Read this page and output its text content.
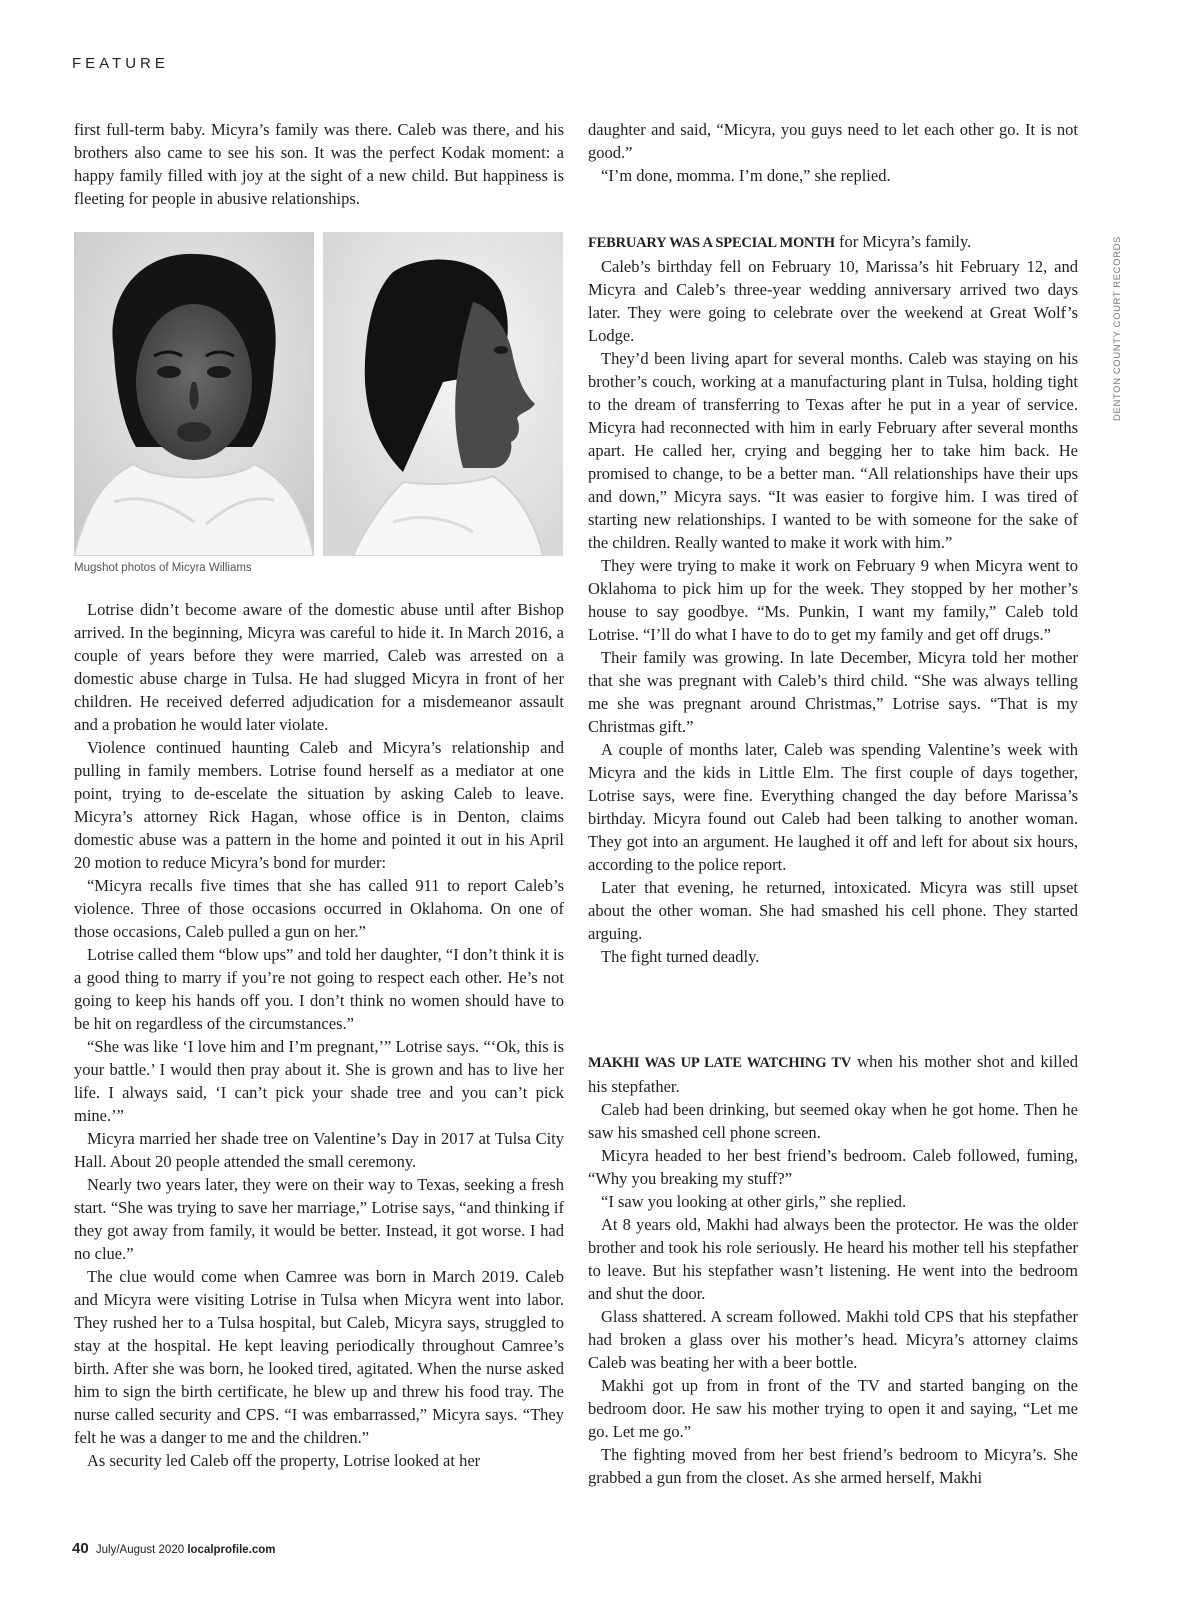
FEATURE

first full-term baby. Micyra’s family was there. Caleb was there, and his brothers also came to see his son. It was the perfect Kodak moment: a happy family filled with joy at the sight of a new child. But happiness is fleeting for people in abusive relationships.

Mugshot photos of Micyra Williams

Lotrise didn’t become aware of the domestic abuse until after Bishop arrived. In the beginning, Micyra was careful to hide it. In March 2016, a couple of years before they were married, Caleb was arrested on a domestic abuse charge in Tulsa. He had slugged Micyra in front of her children. He received deferred adjudication for a misdemeanor assault and a probation he would later violate.

Violence continued haunting Caleb and Micyra’s relationship and pulling in family members. Lotrise found herself as a mediator at one point, trying to de-escelate the situation by asking Caleb to leave. Micyra’s attorney Rick Hagan, whose office is in Denton, claims domestic abuse was a pattern in the home and pointed it out in his April 20 motion to reduce Micyra’s bond for murder:

“Micyra recalls five times that she has called 911 to report Caleb’s violence. Three of those occasions occurred in Oklahoma. On one of those occasions, Caleb pulled a gun on her.”

Lotrise called them “blow ups” and told her daughter, “I don’t think it is a good thing to marry if you’re not going to respect each other. He’s not going to keep his hands off you. I don’t think no women should have to be hit on regardless of the circumstances.”

“She was like ‘I love him and I’m pregnant,’” Lotrise says. “‘Ok, this is your battle.’ I would then pray about it. She is grown and has to live her life. I always said, ‘I can’t pick your shade tree and you can’t pick mine.’”

Micyra married her shade tree on Valentine’s Day in 2017 at Tulsa City Hall. About 20 people attended the small ceremony.

Nearly two years later, they were on their way to Texas, seeking a fresh start. “She was trying to save her marriage,” Lotrise says, “and thinking if they got away from family, it would be better. Instead, it got worse. I had no clue.”

The clue would come when Camree was born in March 2019. Caleb and Micyra were visiting Lotrise in Tulsa when Micyra went into labor. They rushed her to a Tulsa hospital, but Caleb, Micyra says, struggled to stay at the hospital. He kept leaving periodically throughout Camree’s birth. After she was born, he looked tired, agitated. When the nurse asked him to sign the birth certificate, he blew up and threw his food tray. The nurse called security and CPS. “I was embarrassed,” Micyra says. “They felt he was a danger to me and the children.”

As security led Caleb off the property, Lotrise looked at her

daughter and said, “Micyra, you guys need to let each other go. It is not good.”

“I’m done, momma. I’m done,” she replied.

FEBRUARY WAS A SPECIAL MONTH for Micyra’s family.

Caleb’s birthday fell on February 10, Marissa’s hit February 12, and Micyra and Caleb’s three-year wedding anniversary arrived two days later. They were going to celebrate over the weekend at Great Wolf’s Lodge.

They’d been living apart for several months. Caleb was staying on his brother’s couch, working at a manufacturing plant in Tulsa, holding tight to the dream of transferring to Texas after he put in a year of service. Micyra had reconnected with him in early February after several months apart. He called her, crying and begging her to take him back. He promised to change, to be a better man. “All relationships have their ups and down,” Micyra says. “It was easier to forgive him. I was tired of starting new relationships. I wanted to be with someone for the sake of the children. Really wanted to make it work with him.”

They were trying to make it work on February 9 when Micyra went to Oklahoma to pick him up for the week. They stopped by her mother’s house to say goodbye. “Ms. Punkin, I want my family,” Caleb told Lotrise. “I’ll do what I have to do to get my family and get off drugs.”

Their family was growing. In late December, Micyra told her mother that she was pregnant with Caleb’s third child. “She was always telling me she was pregnant around Christmas,” Lotrise says. “That is my Christmas gift.”

A couple of months later, Caleb was spending Valentine’s week with Micyra and the kids in Little Elm. The first couple of days together, Lotrise says, were fine. Everything changed the day before Marissa’s birthday. Micyra found out Caleb had been talking to another woman. They got into an argument. He laughed it off and left for about six hours, according to the police report.

Later that evening, he returned, intoxicated. Micyra was still upset about the other woman. She had smashed his cell phone. They started arguing.

The fight turned deadly.

MAKHI WAS UP LATE WATCHING TV when his mother shot and killed his stepfather.

Caleb had been drinking, but seemed okay when he got home. Then he saw his smashed cell phone screen.

Micyra headed to her best friend’s bedroom. Caleb followed, fuming, “Why you breaking my stuff?”

“I saw you looking at other girls,” she replied.

At 8 years old, Makhi had always been the protector. He was the older brother and took his role seriously. He heard his mother tell his stepfather to leave. But his stepfather wasn’t listening. He went into the bedroom and shut the door.

Glass shattered. A scream followed. Makhi told CPS that his stepfather had broken a glass over his mother’s head. Micyra’s attorney claims Caleb was beating her with a beer bottle.

Makhi got up from in front of the TV and started banging on the bedroom door. He saw his mother trying to open it and saying, “Let me go. Let me go.”

The fighting moved from her best friend’s bedroom to Micyra’s. She grabbed a gun from the closet. As she armed herself, Makhi

DENTON COUNTY COURT RECORDS
40 July/August 2020 localprofile.com
